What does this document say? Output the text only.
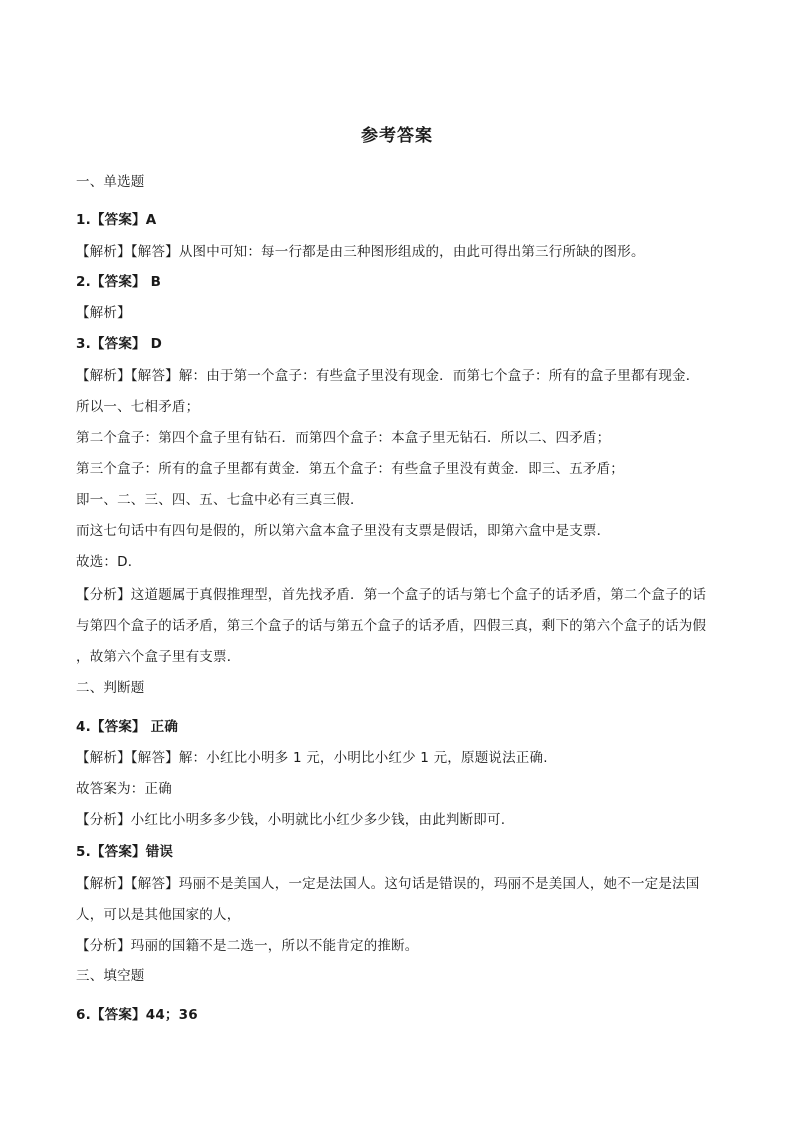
参考答案
一、单选题
1.【答案】A
【解析】【解答】从图中可知：每一行都是由三种图形组成的，由此可得出第三行所缺的图形。
2.【答案】 B
【解析】
3.【答案】 D
【解析】【解答】解：由于第一个盒子：有些盒子里没有现金．而第七个盒子：所有的盒子里都有现金．
所以一、七相矛盾；
第二个盒子：第四个盒子里有钻石．而第四个盒子：本盒子里无钻石．所以二、四矛盾；
第三个盒子：所有的盒子里都有黄金．第五个盒子：有些盒子里没有黄金．即三、五矛盾；
即一、二、三、四、五、七盒中必有三真三假．
而这七句话中有四句是假的，所以第六盒本盒子里没有支票是假话，即第六盒中是支票．
故选：D．
【分析】这道题属于真假推理型，首先找矛盾．第一个盒子的话与第七个盒子的话矛盾，第二个盒子的话
与第四个盒子的话矛盾，第三个盒子的话与第五个盒子的话矛盾，四假三真，剩下的第六个盒子的话为假
，故第六个盒子里有支票．
二、判断题
4.【答案】 正确
【解析】【解答】解：小红比小明多 1 元，小明比小红少 1 元，原题说法正确.
故答案为：正确
【分析】小红比小明多多少钱，小明就比小红少多少钱，由此判断即可.
5.【答案】错误
【解析】【解答】玛丽不是美国人，一定是法国人。这句话是错误的，玛丽不是美国人，她不一定是法国
人，可以是其他国家的人，
【分析】玛丽的国籍不是二选一，所以不能肯定的推断。
三、填空题
6.【答案】44；36
